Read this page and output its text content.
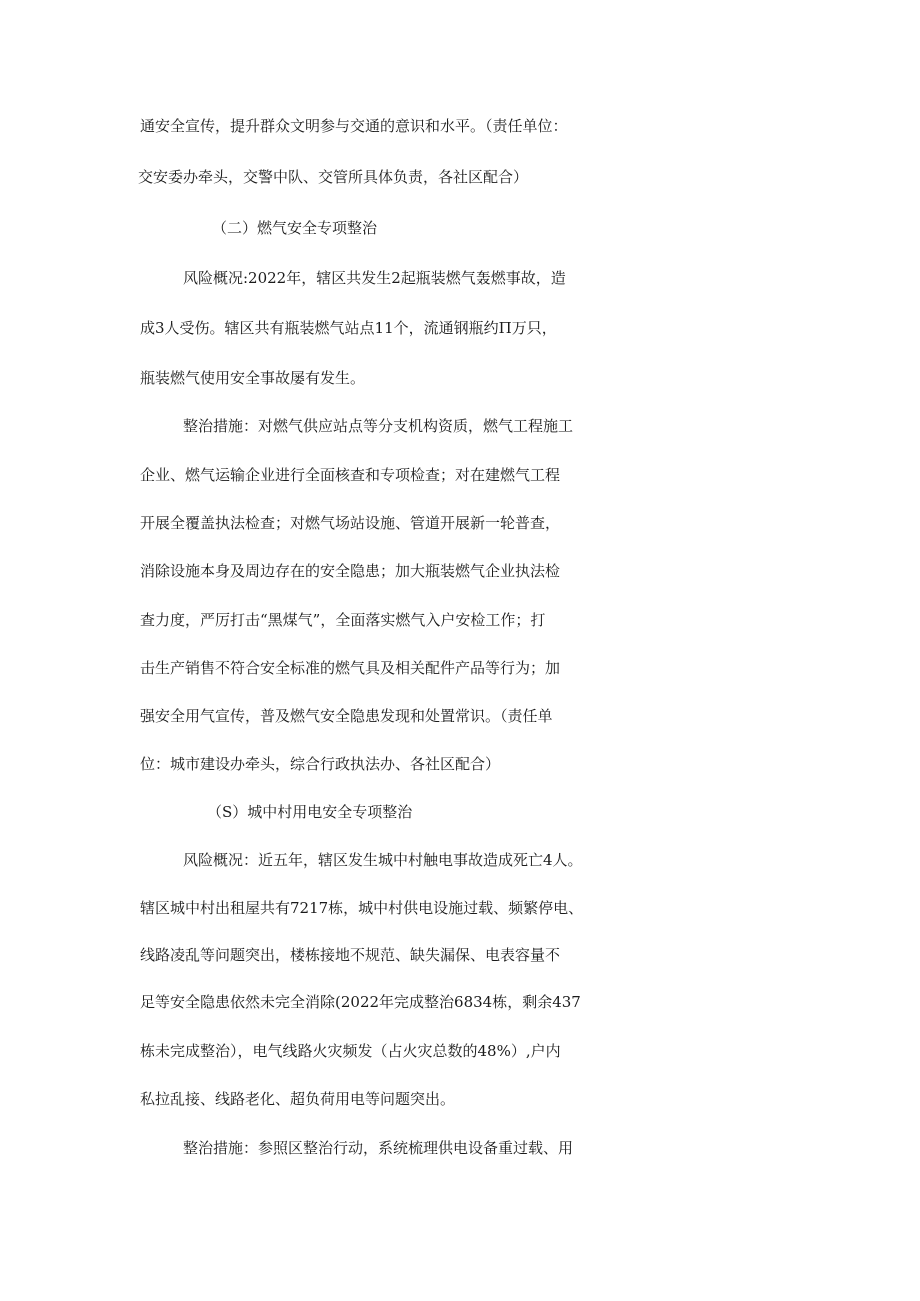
通安全宣传，提升群众文明参与交通的意识和水平。（责任单位：
交安委办牵头，交警中队、交管所具体负责，各社区配合）
（二）燃气安全专项整治
风险概况:2022年，辖区共发生2起瓶装燃气轰燃事故，造
成3人受伤。辖区共有瓶装燃气站点11个，流通钢瓶约Π万只，
瓶装燃气使用安全事故屡有发生。
整治措施：对燃气供应站点等分支机构资质，燃气工程施工
企业、燃气运输企业进行全面核查和专项检查；对在建燃气工程
开展全覆盖执法检查；对燃气场站设施、管道开展新一轮普查，
消除设施本身及周边存在的安全隐患；加大瓶装燃气企业执法检
查力度，严厉打击“黑煤气”，全面落实燃气入户安检工作；打
击生产销售不符合安全标准的燃气具及相关配件产品等行为；加
强安全用气宣传，普及燃气安全隐患发现和处置常识。（责任单
位：城市建设办牵头，综合行政执法办、各社区配合）
（S）城中村用电安全专项整治
风险概况：近五年，辖区发生城中村触电事故造成死亡4人。
辖区城中村出租屋共有7217栋，城中村供电设施过载、频繁停电、
线路凌乱等问题突出，楼栋接地不规范、缺失漏保、电表容量不
足等安全隐患依然未完全消除(2022年完成整治6834栋，剩余437
栋未完成整治），电气线路火灾频发（占火灾总数的48%）,户内
私拉乱接、线路老化、超负荷用电等问题突出。
整治措施：参照区整治行动，系统梳理供电设备重过载、用
